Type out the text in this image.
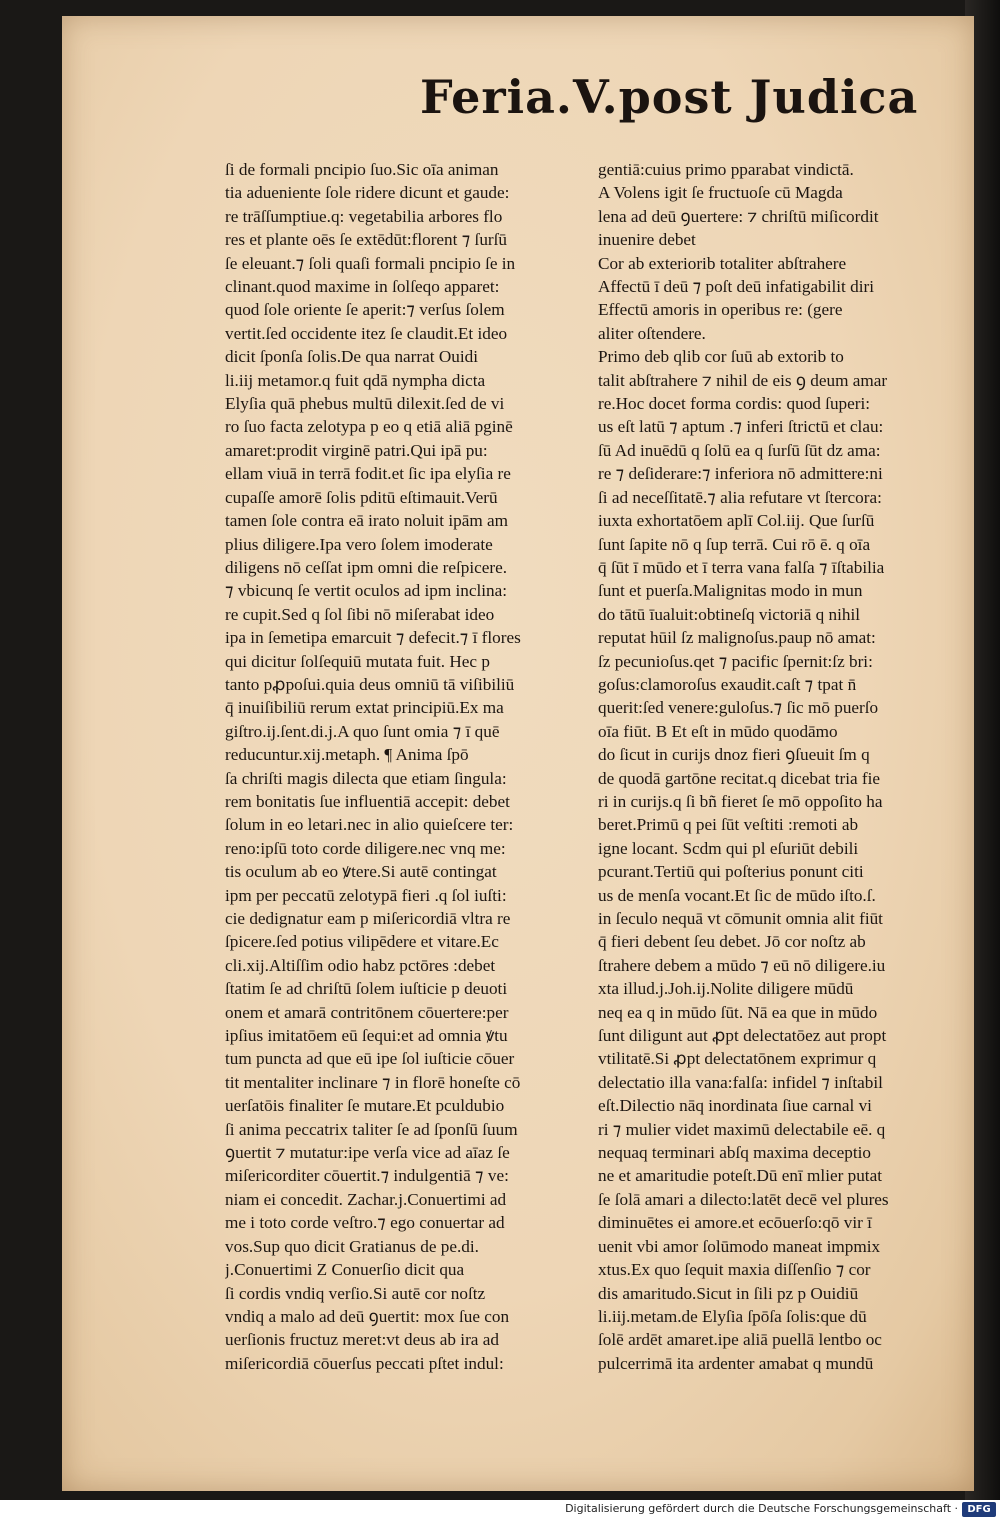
Feria.V.post Judica
ſi de formali pncipio ſuo.Sic oīa animan
tia adueniente ſole ridere dicunt et gaude:
re trāſſumptiue.q: vegetabilia arbores flo
res et plante oēs ſe extēdūt:florent ⁊ ſurſū
ſe eleuant.⁊ ſoli quaſi formali pncipio ſe in
clinant.quod maxime in ſolſeqo apparet:
quod ſole oriente ſe aperit:⁊ verſus ſolem
vertit.ſed occidente itez ſe claudit.Et ideo
dicit ſponſa ſolis.De qua narrat Ouidi
li.iij metamor.q fuit qdā nympha dicta
Elyſia quā phebus multū dilexit.ſed de vi
ro ſuo facta zelotypa p eo q etiā aliā pginē
amaret:prodit virginē patri.Qui ipā pu:
ellam viuā in terrā fodit.et ſic ipa elyſia re
cupaſſe amorē ſolis pditū eſtimauit.Verū
tamen ſole contra eā irato noluit ipām am
plius diligere.Ipa vero ſolem imoderate
diligens nō ceſſat ipm omni die reſpicere.
⁊ vbicunq ſe vertit oculos ad ipm inclina:
re cupit.Sed q ſol ſibi nō miſerabat ideo
ipa in ſemetipa emarcuit ⁊ defecit.⁊ ī flores
qui dicitur ſolſequiū mutata fuit. Hec p
tanto pꝓpoſui.quia deus omniū tā viſibiliū
q̄ inuiſibiliū rerum extat principiū.Ex ma
giſtro.ij.ſent.di.j.A quo ſunt omia ⁊ ī quē
reducuntur.xij.metaph. ¶ Anima ſpō
ſa chriſti magis dilecta que etiam ſingula:
rem bonitatis ſue influentiā accepit: debet
ſolum in eo letari.nec in alio quieſcere ter:
reno:ipſū toto corde diligere.nec vnq me:
tis oculum ab eo ꝟtere.Si autē contingat
ipm per peccatū zelotypā fieri .q ſol iuſti:
cie dedignatur eam p miſericordiā vltra re
ſpicere.ſed potius vilipēdere et vitare.Ec
cli.xij.Altiſſim odio habz pctōres :debet
ſtatim ſe ad chriſtū ſolem iuſticie p deuoti
onem et amarā contritōnem cōuertere:per
ipſius imitatōem eū ſequi:et ad omnia ꝟtu
tum puncta ad que eū ipe ſol iuſticie cōuer
tit mentaliter inclinare ⁊ in florē honeſte cō
uerſatōis finaliter ſe mutare.Et pculdubio
ſi anima peccatrix taliter ſe ad ſponſū ſuum
ꝯuertit ⁊ mutatur:ipe verſa vice ad aīaz ſe
miſericorditer cōuertit.⁊ indulgentiā ⁊ ve:
niam ei concedit. Zachar.j.Conuertimi ad
me i toto corde veſtro.⁊ ego conuertar ad
vos.Sup quo dicit Gratianus de pe.di.
j.Conuertimi Z Conuerſio dicit qua
ſi cordis vndiq verſio.Si autē cor noſtz
vndiq a malo ad deū ꝯuertit: mox ſue con
uerſionis fructuz meret:vt deus ab ira ad
miſericordiā cōuerſus peccati pſtet indul:
gentiā:cuius primo pparabat vindictā.
A Volens igit ſe fructuoſe cū Magda
lena ad deū ꝯuertere: ⁊ chriſtū miſicordit
inuenire debet
Cor ab exteriorib totaliter abſtrahere
Affectū ī deū ⁊ poſt deū infatigabilit diri
Effectū amoris in operibus re: (gere
aliter oſtendere.
Primo deb qlib cor ſuū ab extorib to
talit abſtrahere ⁊ nihil de eis ꝯ deum amar
re.Hoc docet forma cordis: quod ſuperi:
us eſt latū ⁊ aptum .⁊ inferi ſtrictū et clau:
ſū Ad inuēdū q ſolū ea q ſurſū ſūt dz ama:
re ⁊ deſiderare:⁊ inferiora nō admittere:ni
ſi ad neceſſitatē.⁊ alia refutare vt ſtercora:
iuxta exhortatōem aplī Col.iij. Que ſurſū
ſunt ſapite nō q ſup terrā. Cui rō ē. q oīa
q̄ ſūt ī mūdo et ī terra vana falſa ⁊ īſtabilia
ſunt et puerſa.Malignitas modo in mun
do tātū īualuit:obtineſq victoriā q nihil
reputat hūil ſz malignoſus.paup nō amat:
ſz pecunioſus.qet ⁊ pacific ſpernit:ſz bri:
goſus:clamoroſus exaudit.caſt ⁊ tpat n̄
querit:ſed venere:guloſus.⁊ ſic mō puerſo
oīa fiūt. B Et eſt in mūdo quodāmo
do ſicut in curijs dnoz fieri ꝯſueuit ſm q
de quodā gartōne recitat.q dicebat tria fie
ri in curijs.q ſi bñ fieret ſe mō oppoſito ha
beret.Primū q pei ſūt veſtiti :remoti ab
igne locant. Scdm qui pl eſuriūt debili
pcurant.Tertiū qui poſterius ponunt citi
us de menſa vocant.Et ſic de mūdo iſto.ſ.
in ſeculo nequā vt cōmunit omnia alit fiūt
q̄ fieri debent ſeu debet. Jō cor noſtz ab
ſtrahere debem a mūdo ⁊ eū nō diligere.iu
xta illud.j.Joh.ij.Nolite diligere mūdū
neq ea q in mūdo ſūt. Nā ea que in mūdo
ſunt diligunt aut ꝓpt delectatōez aut propt
vtilitatē.Si ꝓpt delectatōnem exprimur q
delectatio illa vana:falſa: infidel ⁊ inſtabil
eſt.Dilectio nāq inordinata ſiue carnal vi
ri ⁊ mulier videt maximū delectabile eē. q
nequaq terminari abſq maxima deceptio
ne et amaritudie poteſt.Dū enī mlier putat
ſe ſolā amari a dilecto:latēt decē vel plures
diminuētes ei amore.et ecōuerſo:qō vir ī
uenit vbi amor ſolūmodo maneat impmix
xtus.Ex quo ſequit maxia diſſenſio ⁊ cor
dis amaritudo.Sicut in ſili pz p Ouidiū
li.iij.metam.de Elyſia ſpōſa ſolis:que dū
ſolē ardēt amaret.ipe aliā puellā lentbo oc
pulcerrimā ita ardenter amabat q mundū
Digitalisierung gefördert durch die Deutsche Forschungsgemeinschaft · DFG
